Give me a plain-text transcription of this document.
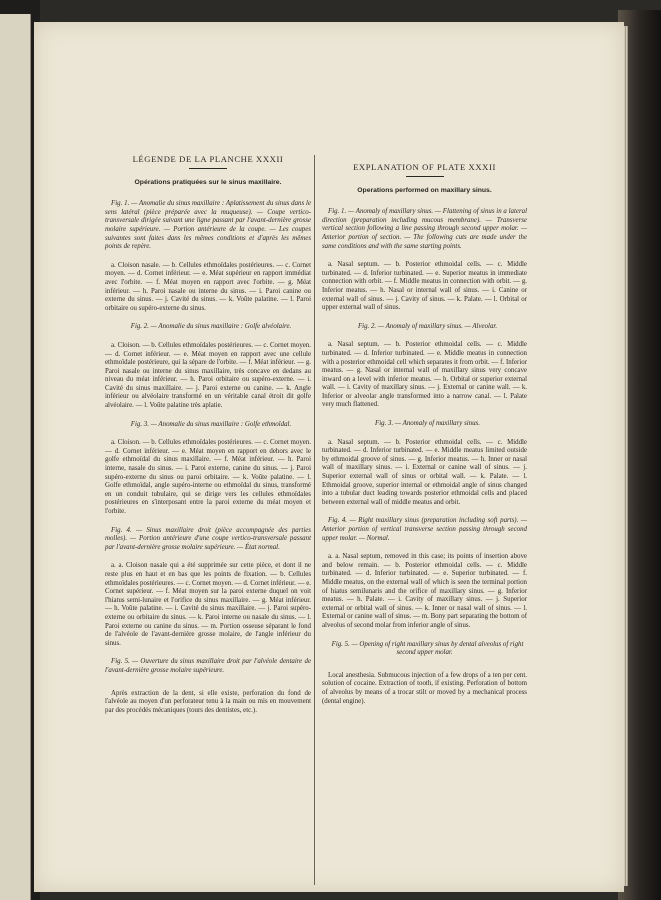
LÉGENDE DE LA PLANCHE XXXII
Opérations pratiquées sur le sinus maxillaire.

Fig. 1. — Anomalie du sinus maxillaire : Aplatissement du sinus dans le sens latéral (pièce préparée avec la muqueuse). — Coupe vertico-transversale dirigée suivant une ligne passant par l'avant-dernière grosse molaire supérieure. — Portion antérieure de la coupe. — Les coupes suivantes sont faites dans les mêmes conditions et d'après les mêmes points de repère.

a. Cloison nasale. — b. Cellules ethmoïdales postérieures. — c. Cornet moyen. — d. Cornet inférieur. — e. Méat supérieur en rapport immédiat avec l'orbite. — f. Méat moyen en rapport avec l'orbite. — g. Méat inférieur. — h. Paroi nasale ou interne du sinus. — i. Paroi canine ou externe du sinus. — j. Cavité du sinus. — k. Voûte palatine. — l. Paroi orbitaire ou supéro-externe du sinus.

Fig. 2. — Anomalie du sinus maxillaire : Golfe alvéolaire.

a. Cloison. — b. Cellules ethmoïdales postérieures. — c. Cornet moyen. — d. Cornet inférieur. — e. Méat moyen en rapport avec une cellule ethmoïdale postérieure, qui la sépare de l'orbite. — f. Méat inférieur. — g. Paroi nasale ou interne du sinus maxillaire, très concave en dedans au niveau du méat inférieur. — h. Paroi orbitaire ou supéro-externe. — i. Cavité du sinus maxillaire. — j. Paroi externe ou canine. — k. Angle inférieur ou alvéolaire transformé en un véritable canal étroit dit golfe alvéolaire. — l. Voûte palatine très aplatie.

Fig. 3. — Anomalie du sinus maxillaire : Golfe ethmoïdal.

a. Cloison. — b. Cellules ethmoïdales postérieures. — c. Cornet moyen. — d. Cornet inférieur. — e. Méat moyen en rapport en dehors avec le golfe ethmoïdal du sinus maxillaire. — f. Méat inférieur. — h. Paroi interne, nasale du sinus. — i. Paroi externe, canine du sinus. — j. Paroi supéro-externe du sinus ou paroi orbitaire. — k. Voûte palatine. — l. Golfe ethmoïdal, angle supéro-interne ou ethmoïdal du sinus, transformé en un conduit tubulaire, qui se dirige vers les cellules ethmoïdales postérieures en s'interposant entre la paroi externe du méat moyen et l'orbite.

Fig. 4. — Sinus maxillaire droit (pièce accompagnée des parties molles). — Portion antérieure d'une coupe vertico-transversale passant par l'avant-dernière grosse molaire supérieure. — État normal.

a. a. Cloison nasale qui a été supprimée sur cette pièce, et dont il ne reste plus en haut et en bas que les points de fixation. — b. Cellules ethmoïdales postérieures. — c. Cornet moyen. — d. Cornet inférieur. — e. Cornet supérieur. — f. Méat moyen sur la paroi externe duquel on voit l'hiatus semi-lunaire et l'orifice du sinus maxillaire. — g. Méat inférieur. — h. Voûte palatine. — i. Cavité du sinus maxillaire. — j. Paroi supéro-externe ou orbitaire du sinus. — k. Paroi interne ou nasale du sinus. — l. Paroi externe ou canine du sinus. — m. Portion osseuse séparant le fond de l'alvéole de l'avant-dernière grosse molaire, de l'angle inférieur du sinus.

Fig. 5. — Ouverture du sinus maxillaire droit par l'alvéole dentaire de l'avant-dernière grosse molaire supérieure.

Après extraction de la dent, si elle existe, perforation du fond de l'alvéole au moyen d'un perforateur tenu à la main ou mis en mouvement par des procédés mécaniques (tours des dentistes, etc.).

EXPLANATION OF PLATE XXXII
Operations performed on maxillary sinus.

Fig. 1. — Anomaly of maxillary sinus. — Flattening of sinus in a lateral direction (preparation including mucous membrane). — Transverse vertical section following a line passing through second upper molar. — Anterior portion of section. — The following cuts are made under the same conditions and with the same starting points.

a. Nasal septum. — b. Posterior ethmoidal cells. — c. Middle turbinated. — d. Inferior turbinated. — e. Superior meatus in immediate connection with orbit. — f. Middle meatus in connection with orbit. — g. Inferior meatus. — h. Nasal or internal wall of sinus. — i. Canine or external wall of sinus. — j. Cavity of sinus. — k. Palate. — l. Orbital or upper external wall of sinus.

Fig. 2. — Anomaly of maxillary sinus. — Alveolar.

a. Nasal septum. — b. Posterior ethmoidal cells. — c. Middle turbinated. — d. Inferior turbinated. — e. Middle meatus in connection with a posterior ethmoidal cell which separates it from orbit. — f. Inferior meatus. — g. Nasal or internal wall of maxillary sinus very concave inward on a level with inferior meatus. — h. Orbital or superior external wall. — i. Cavity of maxillary sinus. — j. External or canine wall. — k. Inferior or alveolar angle transformed into a narrow canal. — l. Palate very much flattened.

Fig. 3. — Anomaly of maxillary sinus.

a. Nasal septum. — b. Posterior ethmoidal cells. — c. Middle turbinated. — d. Inferior turbinated. — e. Middle meatus limited outside by ethmoidal groove of sinus. — g. Inferior meatus. — h. Inner or nasal wall of maxillary sinus. — i. External or canine wall of sinus. — j. Superior external wall of sinus or orbital wall. — k. Palate. — l. Ethmoidal groove, superior internal or ethmoidal angle of sinus changed into a tubular duct leading towards posterior ethmoidal cells and placed between external wall of middle meatus and orbit.

Fig. 4. — Right maxillary sinus (preparation including soft parts). — Anterior portion of vertical transverse section passing through second upper molar. — Normal.

a. a. Nasal septum, removed in this case; its points of insertion above and below remain. — b. Posterior ethmoidal cells. — c. Middle turbinated. — d. Inferior turbinated. — e. Superior turbinated. — f. Middle meatus, on the external wall of which is seen the terminal portion of hiatus semilunaris and the orifice of maxillary sinus. — g. Inferior meatus. — h. Palate. — i. Cavity of maxillary sinus. — j. Superior external or orbital wall of sinus. — k. Inner or nasal wall of sinus. — l. External or canine wall of sinus. — m. Bony part separating the bottom of alveolus of second molar from inferior angle of sinus.

Fig. 5. — Opening of right maxillary sinus by dental alveolus of right second upper molar.

Local anesthesia. Submucous injection of a few drops of a ten per cent. solution of cocaine. Extraction of tooth, if existing. Perforation of bottom of alveolus by means of a trocar stilt or moved by a mechanical process (dental engine).
